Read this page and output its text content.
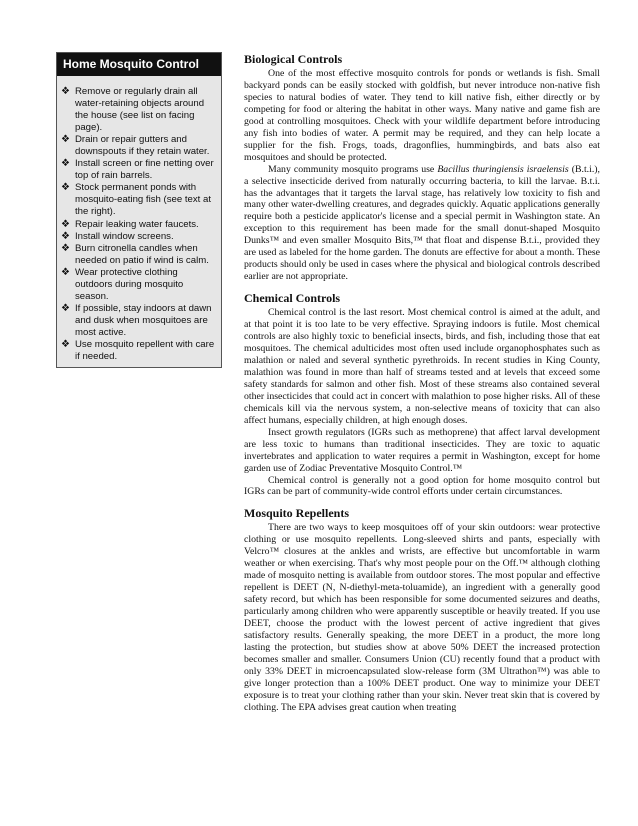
Home Mosquito Control
❖ Remove or regularly drain all water-retaining objects around the house (see list on facing page).
❖ Drain or repair gutters and downspouts if they retain water.
❖ Install screen or fine netting over top of rain barrels.
❖ Stock permanent ponds with mosquito-eating fish (see text at the right).
❖ Repair leaking water faucets.
❖ Install window screens.
❖ Burn citronella candles when needed on patio if wind is calm.
❖ Wear protective clothing outdoors during mosquito season.
❖ If possible, stay indoors at dawn and dusk when mosquitoes are most active.
❖ Use mosquito repellent with care if needed.
Biological Controls

One of the most effective mosquito controls for ponds or wetlands is fish. Small backyard ponds can be easily stocked with goldfish, but never introduce non-native fish species to natural bodies of water. They tend to kill native fish, either directly or by competing for food or altering the habitat in other ways. Many native and game fish are good at controlling mosquitoes. Check with your wildlife department before introducing any fish into bodies of water. A permit may be required, and they can help locate a supplier for the fish. Frogs, toads, dragonflies, hummingbirds, and bats also eat mosquitoes and should be protected.

Many community mosquito programs use Bacillus thuringiensis israelensis (B.t.i.), a selective insecticide derived from naturally occurring bacteria, to kill the larvae. B.t.i. has the advantages that it targets the larval stage, has relatively low toxicity to fish and many other water-dwelling creatures, and degrades quickly. Aquatic applications generally require both a pesticide applicator's license and a special permit in Washington state. An exception to this requirement has been made for the small donut-shaped Mosquito Dunks™ and even smaller Mosquito Bits,™ that float and dispense B.t.i., provided they are used as labeled for the home garden. The donuts are effective for about a month. These products should only be used in cases where the physical and biological controls described earlier are not appropriate.

Chemical Controls

Chemical control is the last resort. Most chemical control is aimed at the adult, and at that point it is too late to be very effective. Spraying indoors is futile. Most chemical controls are also highly toxic to beneficial insects, birds, and fish, including those that eat mosquitoes. The chemical adulticides most often used include organophosphates such as malathion or naled and several synthetic pyrethroids. In recent studies in King County, malathion was found in more than half of streams tested and at levels that exceed some safety standards for salmon and other fish. Most of these streams also contained several other insecticides that could act in concert with malathion to pose higher risks. All of these chemicals kill via the nervous system, a non-selective means of toxicity that can also affect humans, especially children, at high enough doses.

Insect growth regulators (IGRs such as methoprene) that affect larval development are less toxic to humans than traditional insecticides. They are toxic to aquatic invertebrates and application to water requires a permit in Washington, except for home garden use of Zodiac Preventative Mosquito Control.™

Chemical control is generally not a good option for home mosquito control but IGRs can be part of community-wide control efforts under certain circumstances.

Mosquito Repellents

There are two ways to keep mosquitoes off of your skin outdoors: wear protective clothing or use mosquito repellents. Long-sleeved shirts and pants, especially with Velcro™ closures at the ankles and wrists, are effective but uncomfortable in warm weather or when exercising. That's why most people pour on the Off.™ although clothing made of mosquito netting is available from outdoor stores. The most popular and effective repellent is DEET (N, N-diethyl-meta-toluamide), an ingredient with a generally good safety record, but which has been responsible for some documented seizures and deaths, particularly among children who were apparently susceptible or heavily treated. If you use DEET, choose the product with the lowest percent of active ingredient that gives satisfactory results. Generally speaking, the more DEET in a product, the more long lasting the protection, but studies show at above 50% DEET the increased protection becomes smaller and smaller. Consumers Union (CU) recently found that a product with only 33% DEET in microencapsulated slow-release form (3M Ultrathon™) was able to give longer protection than a 100% DEET product. One way to minimize your DEET exposure is to treat your clothing rather than your skin. Never treat skin that is covered by clothing. The EPA advises great caution when treating
